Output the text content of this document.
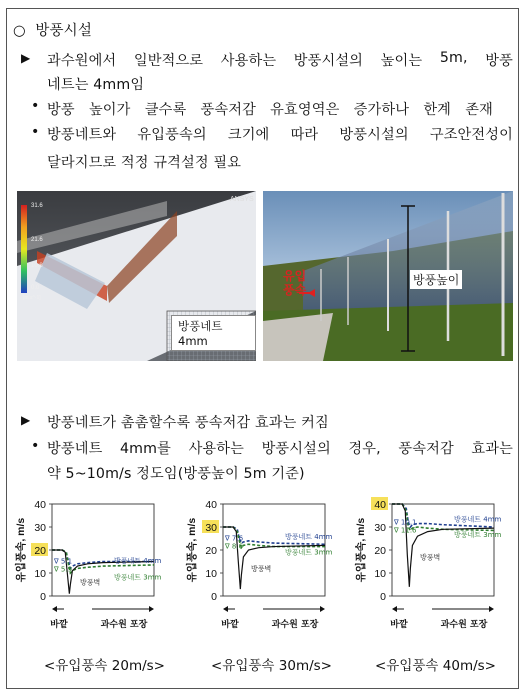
○ 방풍시설
▶ 과수원에서 일반적으로 사용하는 방풍시설의 높이는 5m, 방풍
네트는 4mm임
• 방풍 높이가 클수록 풍속저감 유효영역은 증가하나 한계 존재
• 방풍네트와 유입풍속의 크기에 따라 방풍시설의 구조안전성이
달라지므로 적정 규격설정 필요
31.6
21.6
10.8
0.0
[m s^-1]
ANSYS
방풍네트 4mm
유입
풍속
방풍높이
▶ 방풍네트가 촘촘할수록 풍속저감 효과는 커짐
• 방풍네트 4mm를 사용하는 방풍시설의 경우, 풍속저감 효과는
약 5~10m/s 정도임(방풍높이 5m 기준)
유입풍속, m/s
40
30
20
10
0
방풍네트 4mm
방풍네트 3mm
방풍벽
∇ 5.1
∇ 5.9
바깥	과수원 포장
유입풍속, m/s
40
30
20
10
0
방풍네트 4mm
방풍네트 3mm
방풍벽
∇ 7.6
∇ 8.6
바깥	과수원 포장
유입풍속, m/s
40
30
20
10
0
방풍네트 4mm
방풍네트 3mm
방풍벽
∇ 10.1
∇ 11.6
바깥	과수원 포장
<유입풍속 20m/s>	<유입풍속 30m/s>	<유입풍속 40m/s>
